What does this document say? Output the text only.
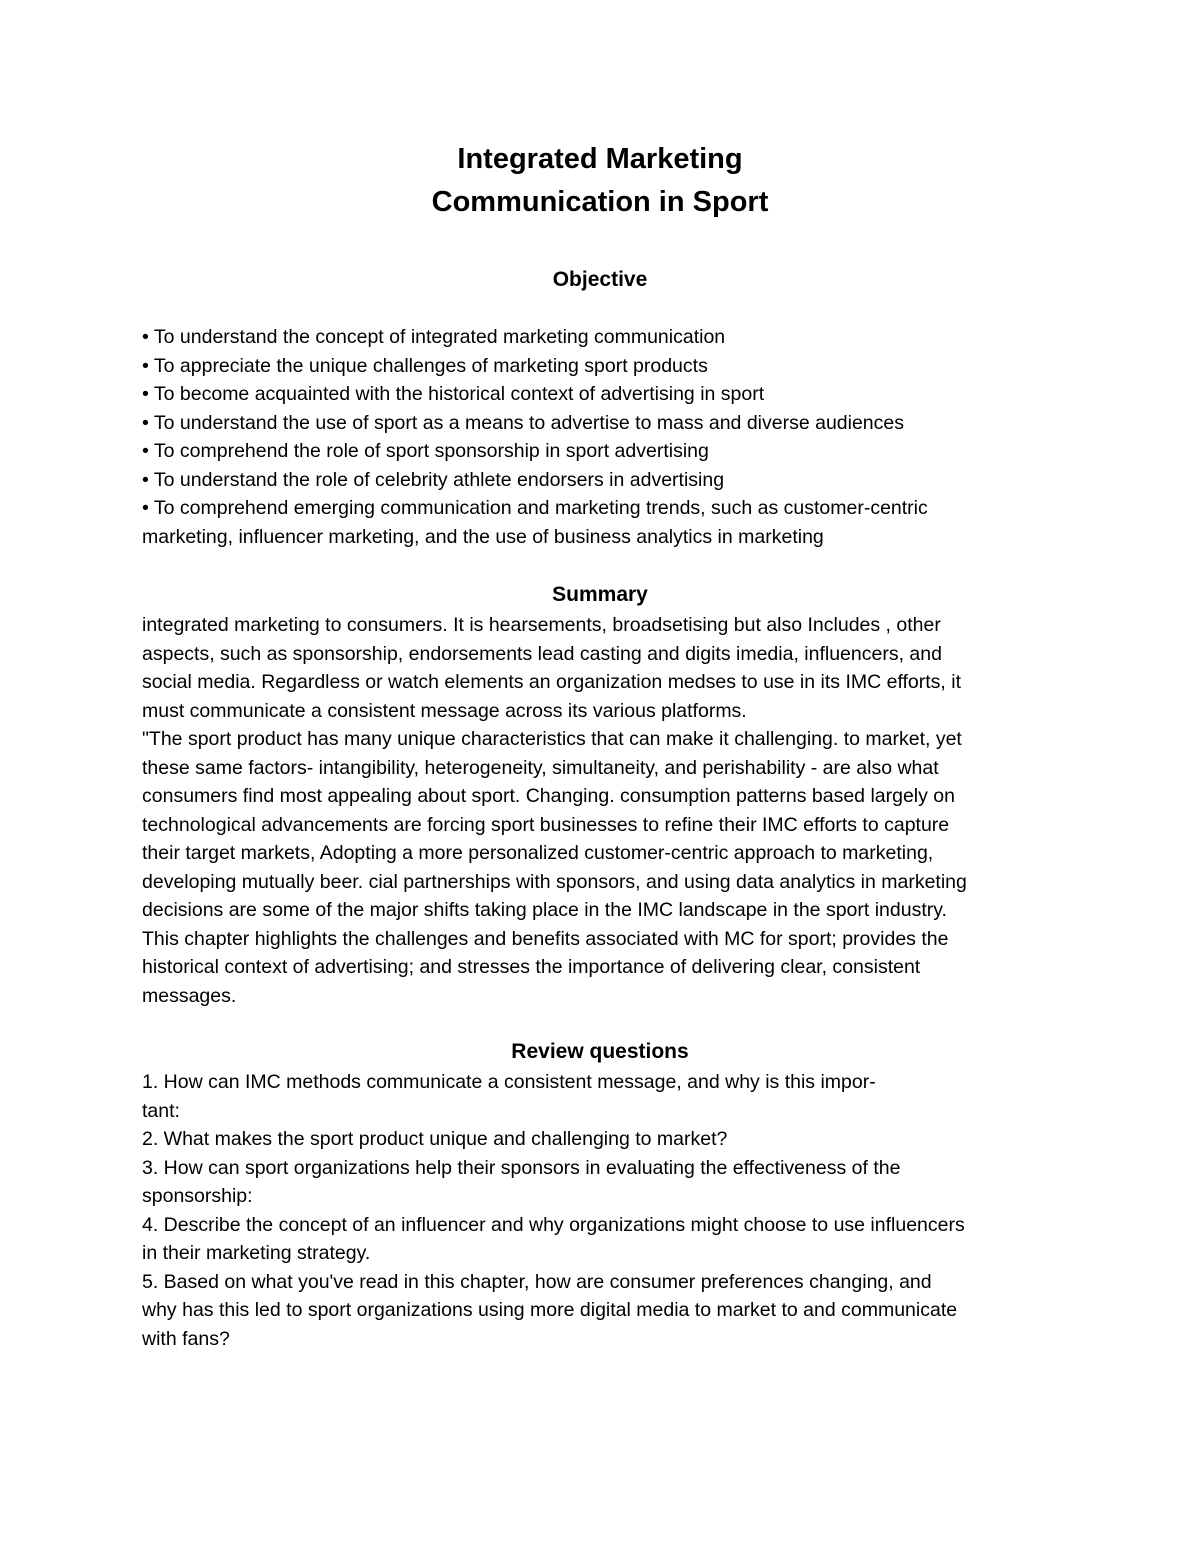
Integrated Marketing
Communication in Sport
Objective
• To understand the concept of integrated marketing communication
• To appreciate the unique challenges of marketing sport products
• To become acquainted with the historical context of advertising in sport
• To understand the use of sport as a means to advertise to mass and diverse audiences
• To comprehend the role of sport sponsorship in sport advertising
• To understand the role of celebrity athlete endorsers in advertising
• To comprehend emerging communication and marketing trends, such as customer-centric
marketing, influencer marketing, and the use of business analytics in marketing
Summary
integrated marketing to consumers. It is hearsements, broadsetising but also Includes , other
aspects, such as sponsorship, endorsements lead casting and digits imedia, influencers, and
social media. Regardless or watch elements an organization medses to use in its IMC efforts, it
must communicate a consistent message across its various platforms.
"The sport product has many unique characteristics that can make it challenging. to market, yet
these same factors- intangibility, heterogeneity, simultaneity, and perishability - are also what
consumers find most appealing about sport. Changing. consumption patterns based largely on
technological advancements are forcing sport businesses to refine their IMC efforts to capture
their target markets, Adopting a more personalized customer-centric approach to marketing,
developing mutually beer. cial partnerships with sponsors, and using data analytics in marketing
decisions are some of the major shifts taking place in the IMC landscape in the sport industry.
This chapter highlights the challenges and benefits associated with MC for sport; provides the
historical context of advertising; and stresses the importance of delivering clear, consistent
messages.
Review questions
1. How can IMC methods communicate a consistent message, and why is this impor-
tant:
2. What makes the sport product unique and challenging to market?
3. How can sport organizations help their sponsors in evaluating the effectiveness of the
sponsorship:
4. Describe the concept of an influencer and why organizations might choose to use influencers
in their marketing strategy.
5. Based on what you've read in this chapter, how are consumer preferences changing, and
why has this led to sport organizations using more digital media to market to and communicate
with fans?
